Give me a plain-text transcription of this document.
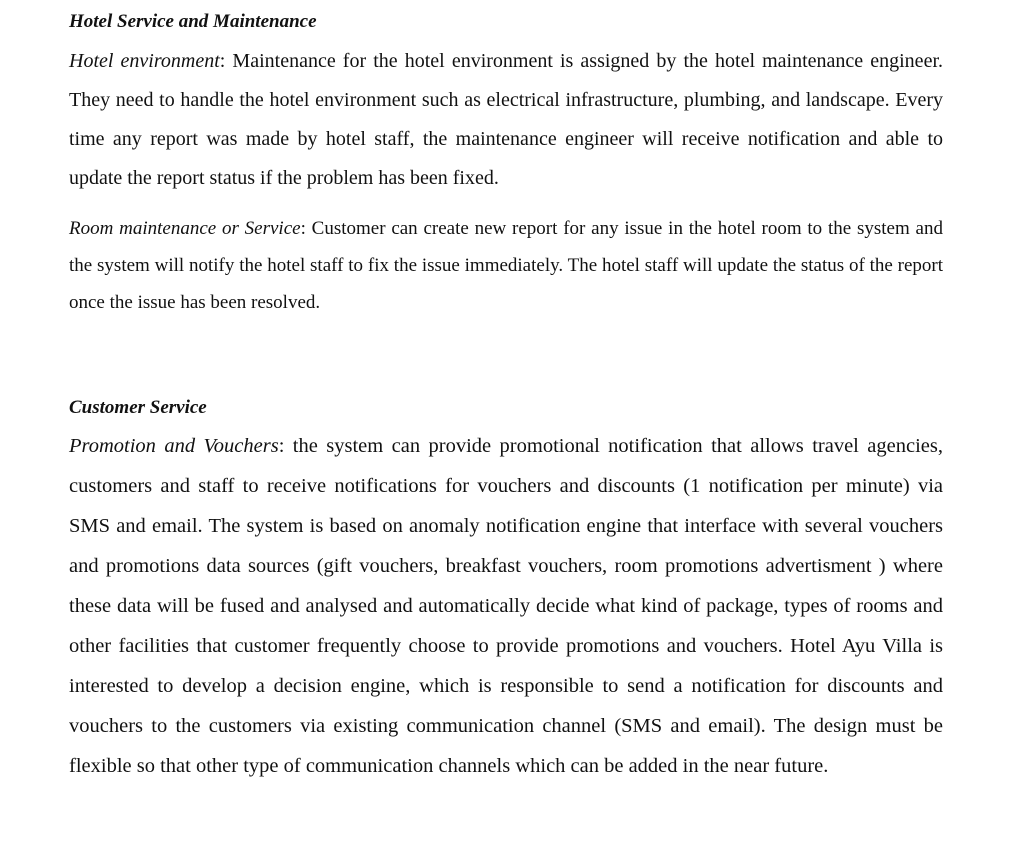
Hotel Service and Maintenance
Hotel environment: Maintenance for the hotel environment is assigned by the hotel maintenance engineer. They need to handle the hotel environment such as electrical infrastructure, plumbing, and landscape. Every time any report was made by hotel staff, the maintenance engineer will receive notification and able to update the report status if the problem has been fixed.
Room maintenance or Service: Customer can create new report for any issue in the hotel room to the system and the system will notify the hotel staff to fix the issue immediately. The hotel staff will update the status of the report once the issue has been resolved.
Customer Service
Promotion and Vouchers: the system can provide promotional notification that allows travel agencies, customers and staff to receive notifications for vouchers and discounts (1 notification per minute) via SMS and email. The system is based on anomaly notification engine that interface with several vouchers and promotions data sources (gift vouchers, breakfast vouchers, room promotions advertisment ) where these data will be fused and analysed and automatically decide what kind of package, types of rooms and other facilities that customer frequently choose to provide promotions and vouchers. Hotel Ayu Villa is interested to develop a decision engine, which is responsible to send a notification for discounts and vouchers to the customers via existing communication channel (SMS and email). The design must be flexible so that other type of communication channels which can be added in the near future.
